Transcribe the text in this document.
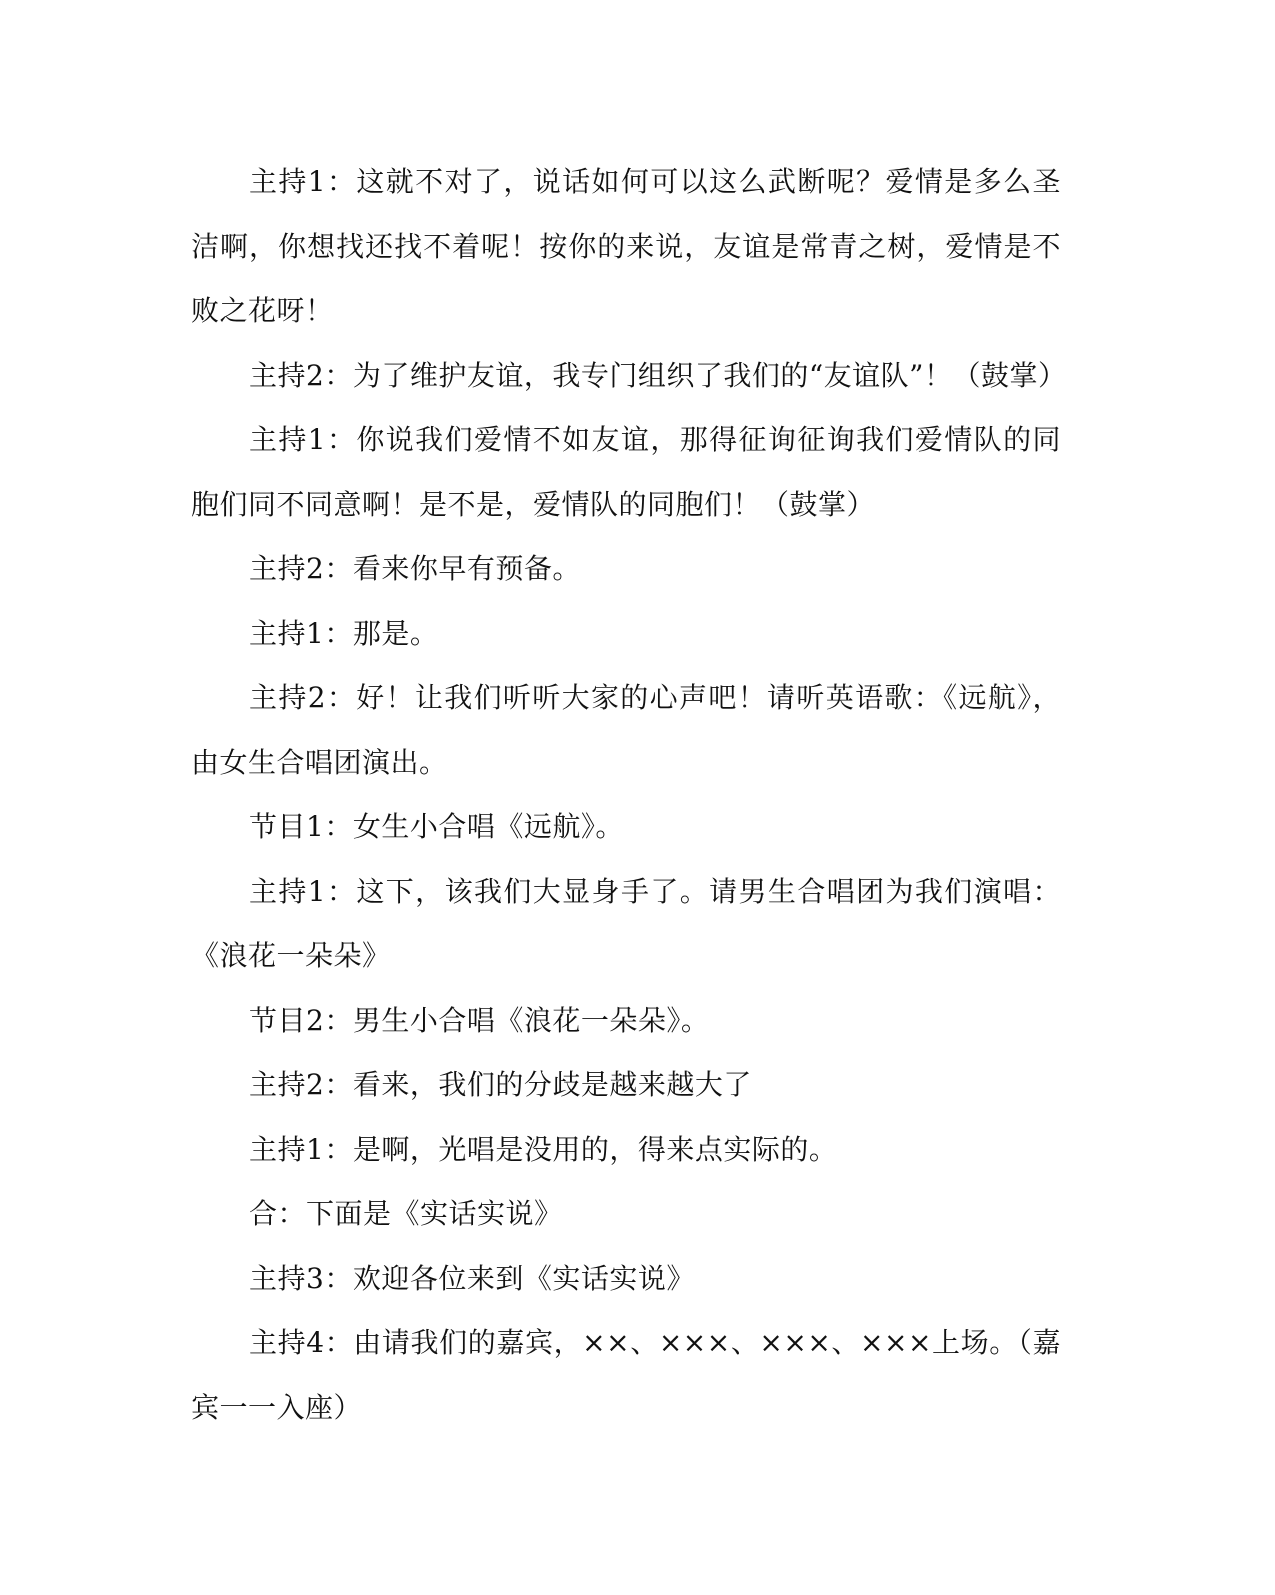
主持1：这就不对了，说话如何可以这么武断呢？爱情是多么圣洁啊，你想找还找不着呢！按你的来说，友谊是常青之树，爱情是不败之花呀！

主持2：为了维护友谊，我专门组织了我们的“友谊队”！（鼓掌）

主持1：你说我们爱情不如友谊，那得征询征询我们爱情队的同胞们同不同意啊！是不是，爱情队的同胞们！（鼓掌）

主持2：看来你早有预备。

主持1：那是。

主持2：好！让我们听听大家的心声吧！请听英语歌：《远航》，由女生合唱团演出。

节目1：女生小合唱《远航》。

主持1：这下，该我们大显身手了。请男生合唱团为我们演唱：《浪花一朵朵》

节目2：男生小合唱《浪花一朵朵》。

主持2：看来，我们的分歧是越来越大了

主持1：是啊，光唱是没用的，得来点实际的。

合：下面是《实话实说》

主持3：欢迎各位来到《实话实说》

主持4：由请我们的嘉宾，××、×××、×××、×××上场。（嘉宾一一入座）
